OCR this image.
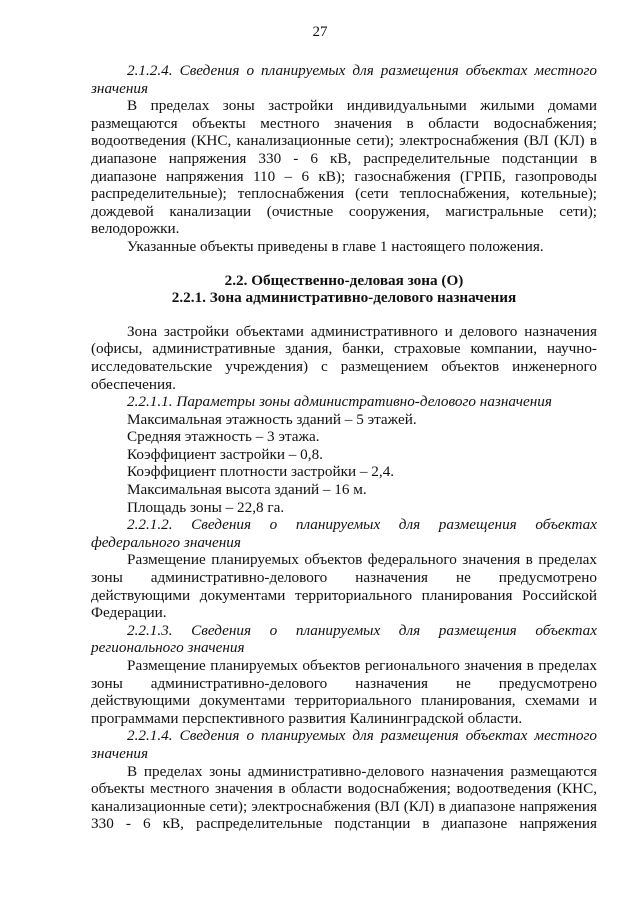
27

2.1.2.4. Сведения о планируемых для размещения объектах местного значения

В пределах зоны застройки индивидуальными жилыми домами размещаются объекты местного значения в области водоснабжения; водоотведения (КНС, канализационные сети); электроснабжения (ВЛ (КЛ) в диапазоне напряжения 330 - 6 кВ, распределительные подстанции в диапазоне напряжения 110 – 6 кВ); газоснабжения (ГРПБ, газопроводы распределительные); теплоснабжения (сети теплоснабжения, котельные); дождевой канализации (очистные сооружения, магистральные сети); велодорожки.

Указанные объекты приведены в главе 1 настоящего положения.

2.2. Общественно-деловая зона (О)

2.2.1. Зона административно-делового назначения

Зона застройки объектами административного и делового назначения (офисы, административные здания, банки, страховые компании, научно-исследовательские учреждения) с размещением объектов инженерного обеспечения.

2.2.1.1. Параметры зоны административно-делового назначения

Максимальная этажность зданий – 5 этажей.

Средняя этажность – 3 этажа.

Коэффициент застройки – 0,8.

Коэффициент плотности застройки – 2,4.

Максимальная высота зданий – 16 м.

Площадь зоны – 22,8 га.

2.2.1.2. Сведения о планируемых для размещения объектах федерального значения

Размещение планируемых объектов федерального значения в пределах зоны административно-делового назначения не предусмотрено действующими документами территориального планирования Российской Федерации.

2.2.1.3. Сведения о планируемых для размещения объектах регионального значения

Размещение планируемых объектов регионального значения в пределах зоны административно-делового назначения не предусмотрено действующими документами территориального планирования, схемами и программами перспективного развития Калининградской области.

2.2.1.4. Сведения о планируемых для размещения объектах местного значения

В пределах зоны административно-делового назначения размещаются объекты местного значения в области водоснабжения; водоотведения (КНС, канализационные сети); электроснабжения (ВЛ (КЛ) в диапазоне напряжения 330 - 6 кВ, распределительные подстанции в диапазоне напряжения
